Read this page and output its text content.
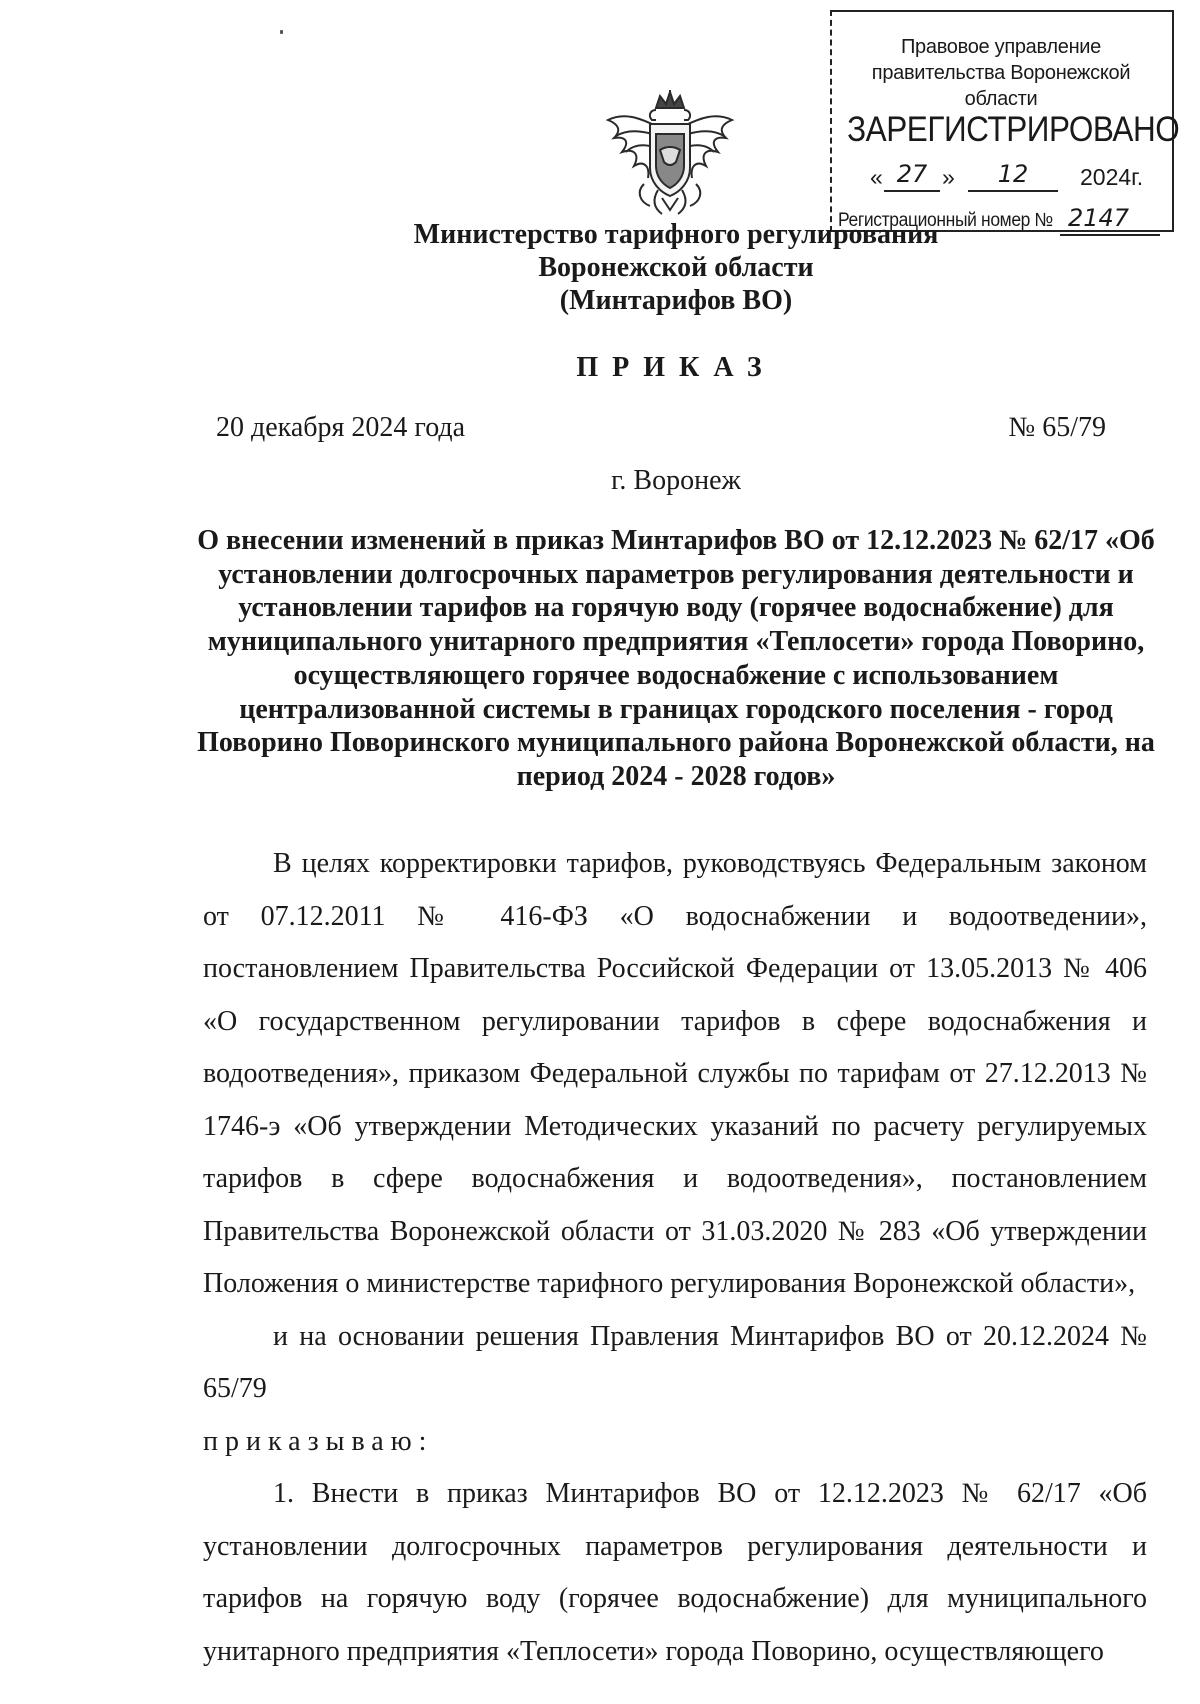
Правовое управление правительства Воронежской области
ЗАРЕГИСТРИРОВАНО
« 27 »	12	2024г.
Регистрационный номер № 2147
Министерство тарифного регулирования
Воронежской области
(Минтарифов ВО)
ПРИКАЗ
20 декабря 2024 года	№ 65/79
г. Воронеж
О внесении изменений в приказ Минтарифов ВО от 12.12.2023 № 62/17 «Об установлении долгосрочных параметров регулирования деятельности и установлении тарифов на горячую воду (горячее водоснабжение) для муниципального унитарного предприятия «Теплосети» города Поворино, осуществляющего горячее водоснабжение с использованием централизованной системы в границах городского поселения - город Поворино Поворинского муниципального района Воронежской области, на период 2024 - 2028 годов»

В целях корректировки тарифов, руководствуясь Федеральным законом от 07.12.2011 № 416-ФЗ «О водоснабжении и водоотведении», постановлением Правительства Российской Федерации от 13.05.2013 № 406 «О государственном регулировании тарифов в сфере водоснабжения и водоотведения», приказом Федеральной службы по тарифам от 27.12.2013 № 1746-э «Об утверждении Методических указаний по расчету регулируемых тарифов в сфере водоснабжения и водоотведения», постановлением Правительства Воронежской области от 31.03.2020 № 283 «Об утверждении Положения о министерстве тарифного регулирования Воронежской области»,

и на основании решения Правления Минтарифов ВО от 20.12.2024 № 65/79

приказываю:

1. Внести в приказ Минтарифов ВО от 12.12.2023 № 62/17 «Об установлении долгосрочных параметров регулирования деятельности и тарифов на горячую воду (горячее водоснабжение) для муниципального унитарного предприятия «Теплосети» города Поворино, осуществляющего
